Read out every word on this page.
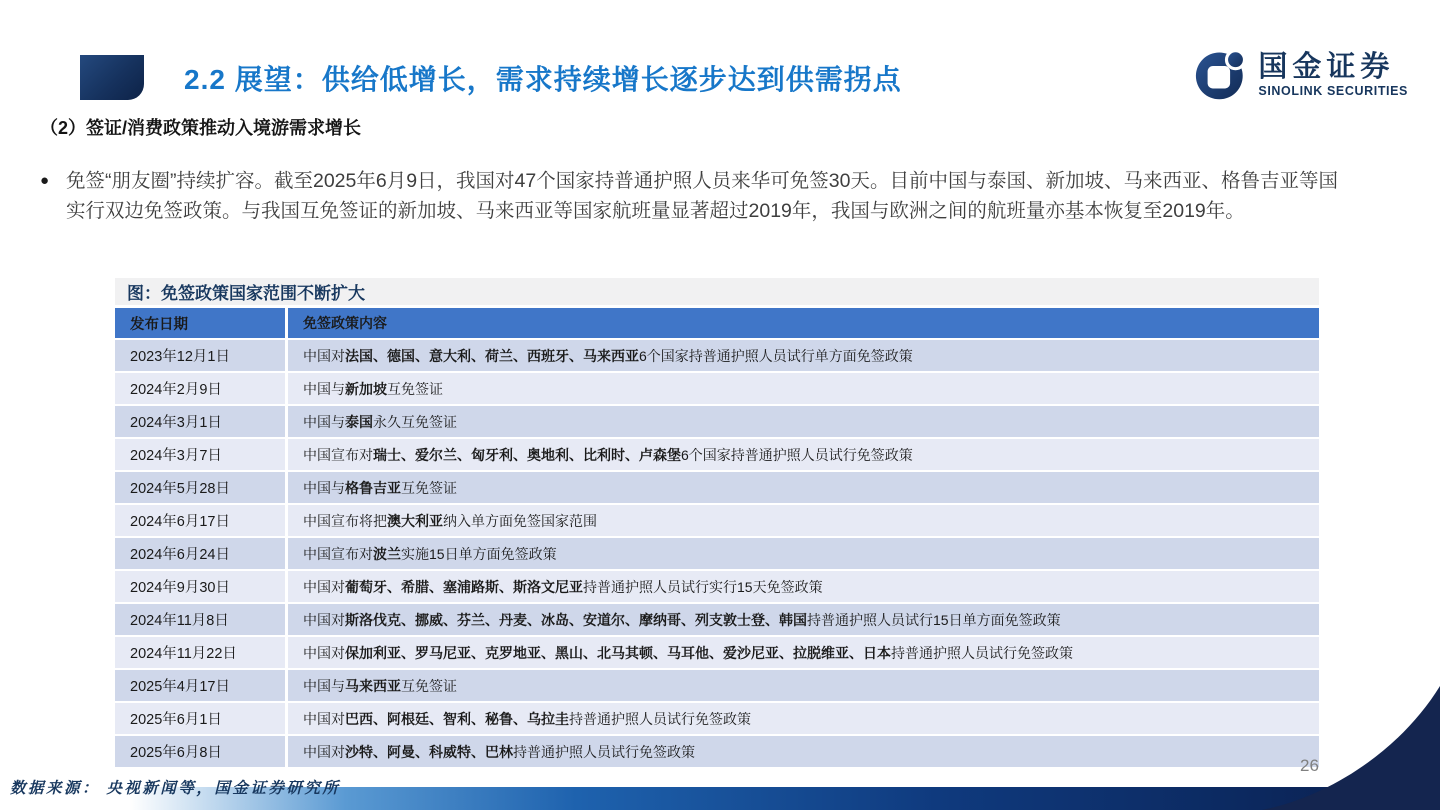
2.2 展望：供给低增长，需求持续增长逐步达到供需拐点	国金证券
SINOLINK SECURITIES
（2）签证/消费政策推动入境游需求增长
● 免签“朋友圈”持续扩容。截至2025年6月9日，我国对47个国家持普通护照人员来华可免签30天。目前中国与泰国、新加坡、马来西亚、格鲁吉亚等国实行双边免签政策。与我国互免签证的新加坡、马来西亚等国家航班量显著超过2019年，我国与欧洲之间的航班量亦基本恢复至2019年。

图：免签政策国家范围不断扩大
发布日期	免签政策内容
2023年12月1日	中国对 法国、德国、意大利、荷兰、西班牙、马来西亚 6个国家持普通护照人员试行单方面免签政策
2024年2月9日	中国与 新加坡 互免签证
2024年3月1日	中国与 泰国 永久互免签证
2024年3月7日	中国宣布对 瑞士、爱尔兰、匈牙利、奥地利、比利时、卢森堡 6个国家持普通护照人员试行免签政策
2024年5月28日	中国与 格鲁吉亚 互免签证
2024年6月17日	中国宣布将把 澳大利亚 纳入单方面免签国家范围
2024年6月24日	中国宣布对 波兰 实施15日单方面免签政策
2024年9月30日	中国对 葡萄牙、希腊、塞浦路斯、斯洛文尼亚 持普通护照人员试行实行15天免签政策
2024年11月8日	中国对 斯洛伐克、挪威、芬兰、丹麦、冰岛、安道尔、摩纳哥、列支敦士登、韩国 持普通护照人员试行15日单方面免签政策
2024年11月22日	中国对 保加利亚、罗马尼亚、克罗地亚、黑山、北马其顿、马耳他、爱沙尼亚、拉脱维亚、日本 持普通护照人员试行免签政策
2025年4月17日	中国与 马来西亚 互免签证
2025年6月1日	中国对 巴西、阿根廷、智利、秘鲁、乌拉圭 持普通护照人员试行免签政策
2025年6月8日	中国对 沙特、阿曼、科威特、巴林 持普通护照人员试行免签政策
数据来源： 央视新闻等，国金证券研究所
26
